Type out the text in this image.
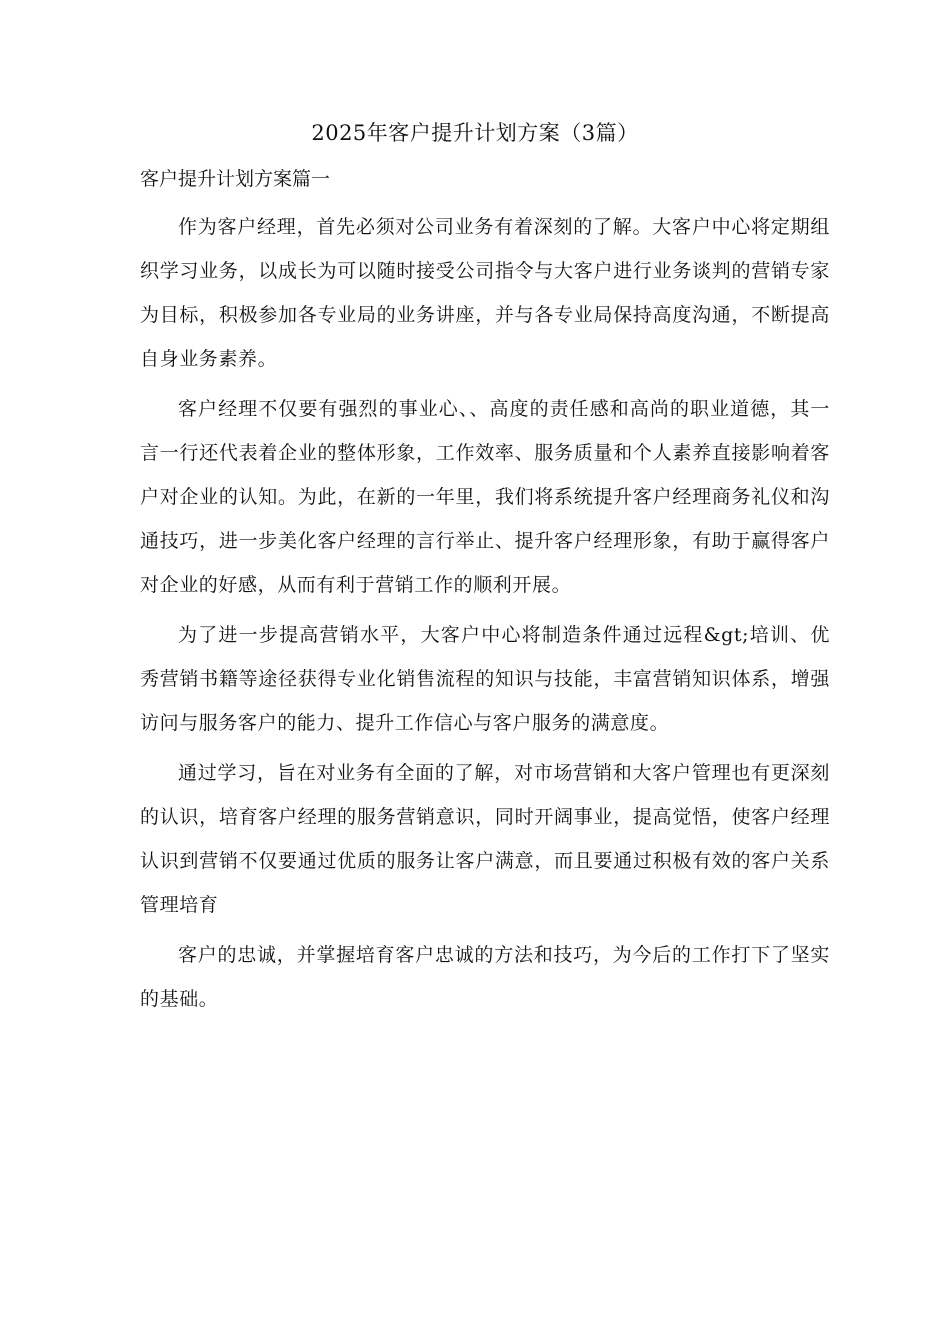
2025年客户提升计划方案（3篇）
客户提升计划方案篇一

作为客户经理，首先必须对公司业务有着深刻的了解。大客户中心将定期组织学习业务，以成长为可以随时接受公司指令与大客户进行业务谈判的营销专家为目标，积极参加各专业局的业务讲座，并与各专业局保持高度沟通，不断提高自身业务素养。

客户经理不仅要有强烈的事业心、、高度的责任感和高尚的职业道德，其一言一行还代表着企业的整体形象，工作效率、服务质量和个人素养直接影响着客户对企业的认知。为此，在新的一年里，我们将系统提升客户经理商务礼仪和沟通技巧，进一步美化客户经理的言行举止、提升客户经理形象，有助于赢得客户对企业的好感，从而有利于营销工作的顺利开展。

为了进一步提高营销水平，大客户中心将制造条件通过远程&gt;培训、优秀营销书籍等途径获得专业化销售流程的知识与技能，丰富营销知识体系，增强访问与服务客户的能力、提升工作信心与客户服务的满意度。

通过学习，旨在对业务有全面的了解，对市场营销和大客户管理也有更深刻的认识，培育客户经理的服务营销意识，同时开阔事业，提高觉悟，使客户经理认识到营销不仅要通过优质的服务让客户满意，而且要通过积极有效的客户关系管理培育

客户的忠诚，并掌握培育客户忠诚的方法和技巧，为今后的工作打下了坚实的基础。
